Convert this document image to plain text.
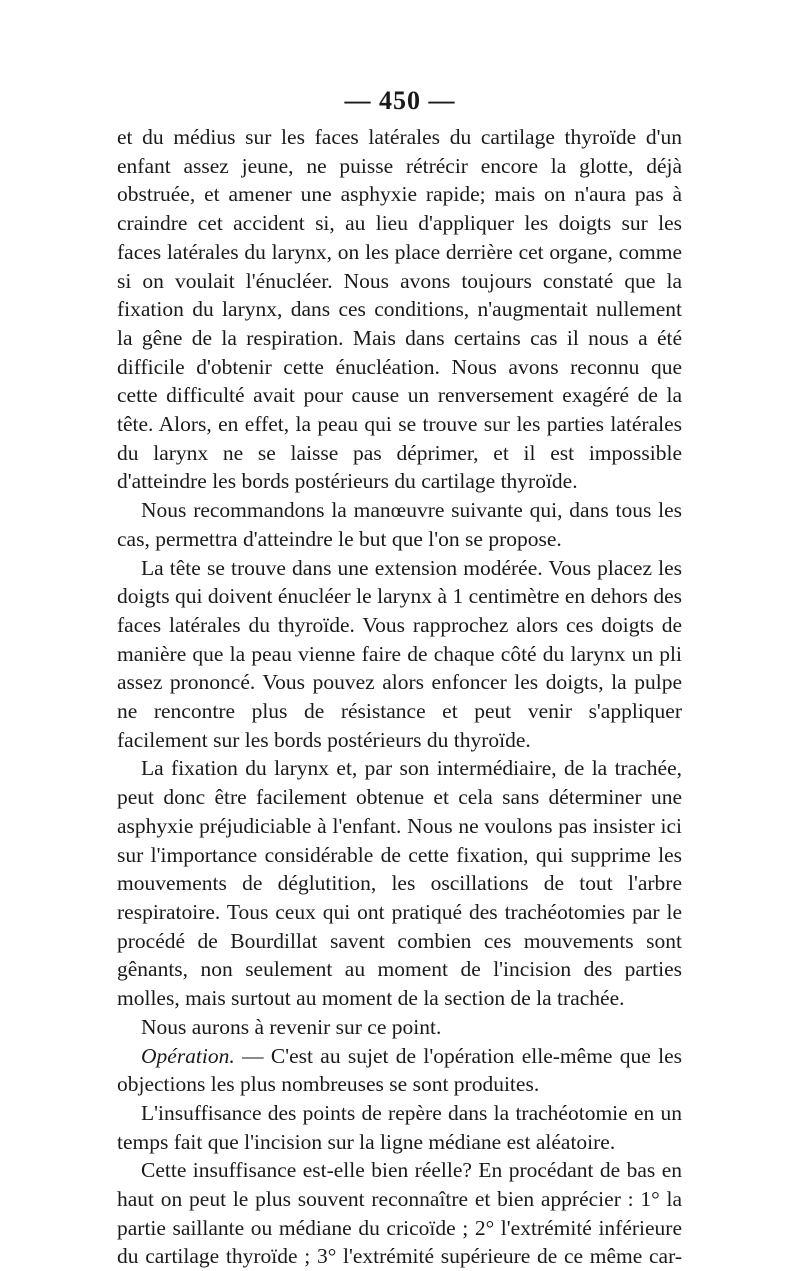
— 450 —

et du médius sur les faces latérales du cartilage thyroïde d'un enfant assez jeune, ne puisse rétrécir encore la glotte, déjà obstruée, et amener une asphyxie rapide; mais on n'aura pas à craindre cet accident si, au lieu d'appliquer les doigts sur les faces latérales du larynx, on les place derrière cet organe, comme si on voulait l'énucléer. Nous avons toujours constaté que la fixation du larynx, dans ces conditions, n'augmentait nullement la gêne de la respiration. Mais dans certains cas il nous a été difficile d'obtenir cette énucléation. Nous avons reconnu que cette difficulté avait pour cause un renversement exagéré de la tête. Alors, en effet, la peau qui se trouve sur les parties latérales du larynx ne se laisse pas déprimer, et il est impossible d'atteindre les bords postérieurs du cartilage thyroïde.

Nous recommandons la manœuvre suivante qui, dans tous les cas, permettra d'atteindre le but que l'on se propose.

La tête se trouve dans une extension modérée. Vous placez les doigts qui doivent énucléer le larynx à 1 centimètre en dehors des faces latérales du thyroïde. Vous rapprochez alors ces doigts de manière que la peau vienne faire de chaque côté du larynx un pli assez prononcé. Vous pouvez alors enfoncer les doigts, la pulpe ne rencontre plus de résistance et peut venir s'appliquer facilement sur les bords postérieurs du thyroïde.

La fixation du larynx et, par son intermédiaire, de la trachée, peut donc être facilement obtenue et cela sans déterminer une asphyxie préjudiciable à l'enfant. Nous ne voulons pas insister ici sur l'importance considérable de cette fixation, qui supprime les mouvements de déglutition, les oscillations de tout l'arbre respiratoire. Tous ceux qui ont pratiqué des trachéotomies par le procédé de Bourdillat savent combien ces mouvements sont gênants, non seulement au moment de l'incision des parties molles, mais surtout au moment de la section de la trachée.

Nous aurons à revenir sur ce point.

Opération. — C'est au sujet de l'opération elle-même que les objections les plus nombreuses se sont produites.

L'insuffisance des points de repère dans la trachéotomie en un temps fait que l'incision sur la ligne médiane est aléatoire.

Cette insuffisance est-elle bien réelle? En procédant de bas en haut on peut le plus souvent reconnaître et bien apprécier : 1° la partie saillante ou médiane du cricoïde ; 2° l'extrémité inférieure du cartilage thyroïde ; 3° l'extrémité supérieure de ce même car-
